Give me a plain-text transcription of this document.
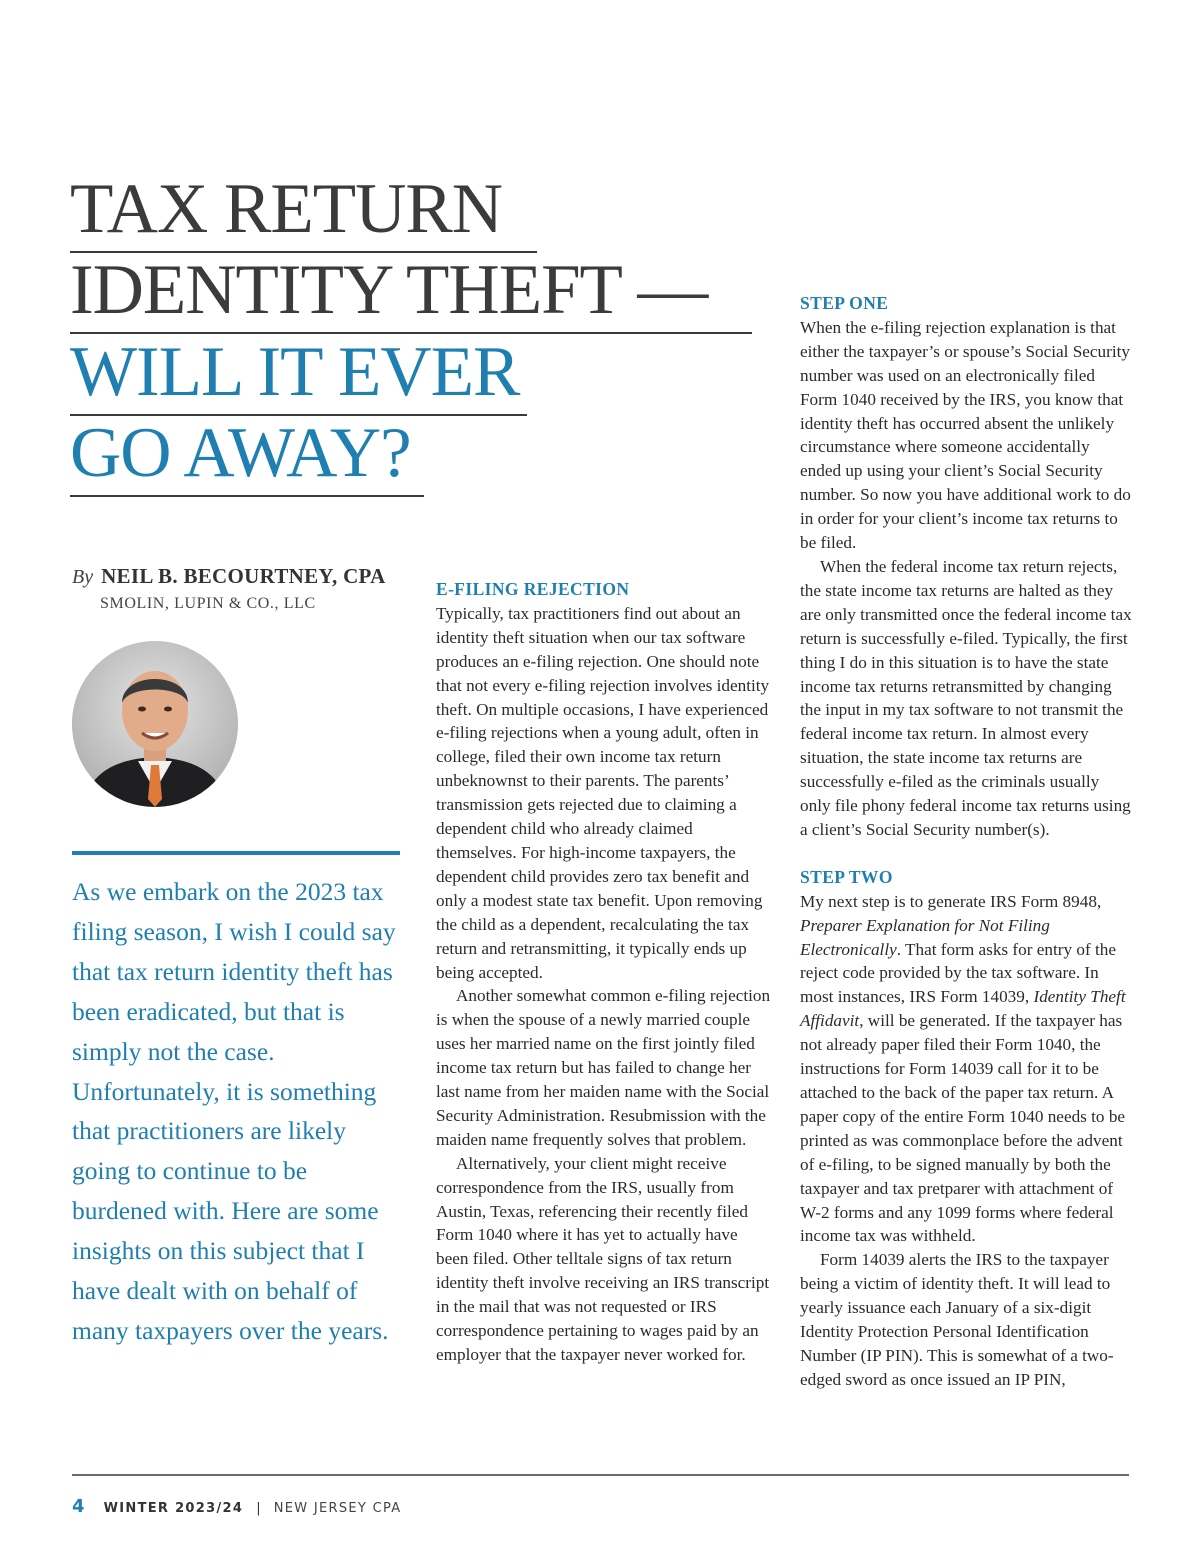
TAX RETURN
IDENTITY THEFT —
WILL IT EVER
GO AWAY?
By NEIL B. BECOURTNEY, CPA
SMOLIN, LUPIN & CO., LLC
As we embark on the 2023 tax filing season, I wish I could say that tax return identity theft has been eradicated, but that is simply not the case. Unfortunately, it is something that practitioners are likely going to continue to be burdened with. Here are some insights on this subject that I have dealt with on behalf of many taxpayers over the years.
E-FILING REJECTION

Typically, tax practitioners find out about an identity theft situation when our tax software produces an e-filing rejection. One should note that not every e-filing rejection involves identity theft. On multiple occasions, I have experienced e-filing rejections when a young adult, often in college, filed their own income tax return unbeknownst to their parents. The parents’ transmission gets rejected due to claiming a dependent child who already claimed themselves. For high-income taxpayers, the dependent child provides zero tax benefit and only a modest state tax benefit. Upon removing the child as a dependent, recalculating the tax return and retransmitting, it typically ends up being accepted.

Another somewhat common e-filing rejection is when the spouse of a newly married couple uses her married name on the first jointly filed income tax return but has failed to change her last name from her maiden name with the Social Security Administration. Resubmission with the maiden name frequently solves that problem.

Alternatively, your client might receive correspondence from the IRS, usually from Austin, Texas, referencing their recently filed Form 1040 where it has yet to actually have been filed. Other telltale signs of tax return identity theft involve receiving an IRS transcript in the mail that was not requested or IRS correspondence pertaining to wages paid by an employer that the taxpayer never worked for.

STEP ONE

When the e-filing rejection explanation is that either the taxpayer’s or spouse’s Social Security number was used on an electronically filed Form 1040 received by the IRS, you know that identity theft has occurred absent the unlikely circumstance where someone accidentally ended up using your client’s Social Security number. So now you have additional work to do in order for your client’s income tax returns to be filed.

When the federal income tax return rejects, the state income tax returns are halted as they are only transmitted once the federal income tax return is successfully e-filed. Typically, the first thing I do in this situation is to have the state income tax returns retransmitted by changing the input in my tax software to not transmit the federal income tax return. In almost every situation, the state income tax returns are successfully e-filed as the criminals usually only file phony federal income tax returns using a client’s Social Security number(s).

STEP TWO

My next step is to generate IRS Form 8948, Preparer Explanation for Not Filing Electronically. That form asks for entry of the reject code provided by the tax software. In most instances, IRS Form 14039, Identity Theft Affidavit, will be generated. If the taxpayer has not already paper filed their Form 1040, the instructions for Form 14039 call for it to be attached to the back of the paper tax return. A paper copy of the entire Form 1040 needs to be printed as was commonplace before the advent of e-filing, to be signed manually by both the taxpayer and tax pretparer with attachment of W-2 forms and any 1099 forms where federal income tax was withheld.

Form 14039 alerts the IRS to the taxpayer being a victim of identity theft. It will lead to yearly issuance each January of a six-digit Identity Protection Personal Identification Number (IP PIN). This is somewhat of a two-edged sword as once issued an IP PIN,

4 WINTER 2023/24 | NEW JERSEY CPA
